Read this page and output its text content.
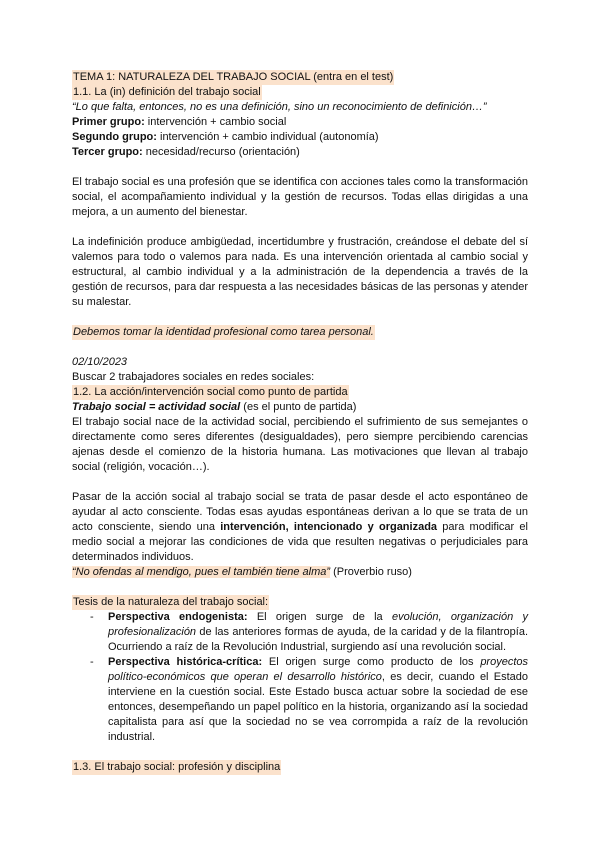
TEMA 1: NATURALEZA DEL TRABAJO SOCIAL (entra en el test)
1.1. La (in) definición del trabajo social
“Lo que falta, entonces, no es una definición, sino un reconocimiento de definición…”
Primer grupo: intervención + cambio social
Segundo grupo: intervención + cambio individual (autonomía)
Tercer grupo: necesidad/recurso (orientación)
El trabajo social es una profesión que se identifica con acciones tales como la transformación social, el acompañamiento individual y la gestión de recursos. Todas ellas dirigidas a una mejora, a un aumento del bienestar.
La indefinición produce ambigüedad, incertidumbre y frustración, creándose el debate del sí valemos para todo o valemos para nada. Es una intervención orientada al cambio social y estructural, al cambio individual y a la administración de la dependencia a través de la gestión de recursos, para dar respuesta a las necesidades básicas de las personas y atender su malestar.
Debemos tomar la identidad profesional como tarea personal.
02/10/2023
Buscar 2 trabajadores sociales en redes sociales:
1.2. La acción/intervención social como punto de partida
Trabajo social = actividad social (es el punto de partida)
El trabajo social nace de la actividad social, percibiendo el sufrimiento de sus semejantes o directamente como seres diferentes (desigualdades), pero siempre percibiendo carencias ajenas desde el comienzo de la historia humana. Las motivaciones que llevan al trabajo social (religión, vocación…).
Pasar de la acción social al trabajo social se trata de pasar desde el acto espontáneo de ayudar al acto consciente. Todas esas ayudas espontáneas derivan a lo que se trata de un acto consciente, siendo una intervención, intencionado y organizada para modificar el medio social a mejorar las condiciones de vida que resulten negativas o perjudiciales para determinados individuos.
“No ofendas al mendigo, pues el también tiene alma” (Proverbio ruso)
Tesis de la naturaleza del trabajo social:
- Perspectiva endogenista: El origen surge de la evolución, organización y profesionalización de las anteriores formas de ayuda, de la caridad y de la filantropía. Ocurriendo a raíz de la Revolución Industrial, surgiendo así una revolución social.
- Perspectiva histórica-crítica: El origen surge como producto de los proyectos político-económicos que operan el desarrollo histórico, es decir, cuando el Estado interviene en la cuestión social. Este Estado busca actuar sobre la sociedad de ese entonces, desempeñando un papel político en la historia, organizando así la sociedad capitalista para así que la sociedad no se vea corrompida a raíz de la revolución industrial.
1.3. El trabajo social: profesión y disciplina
